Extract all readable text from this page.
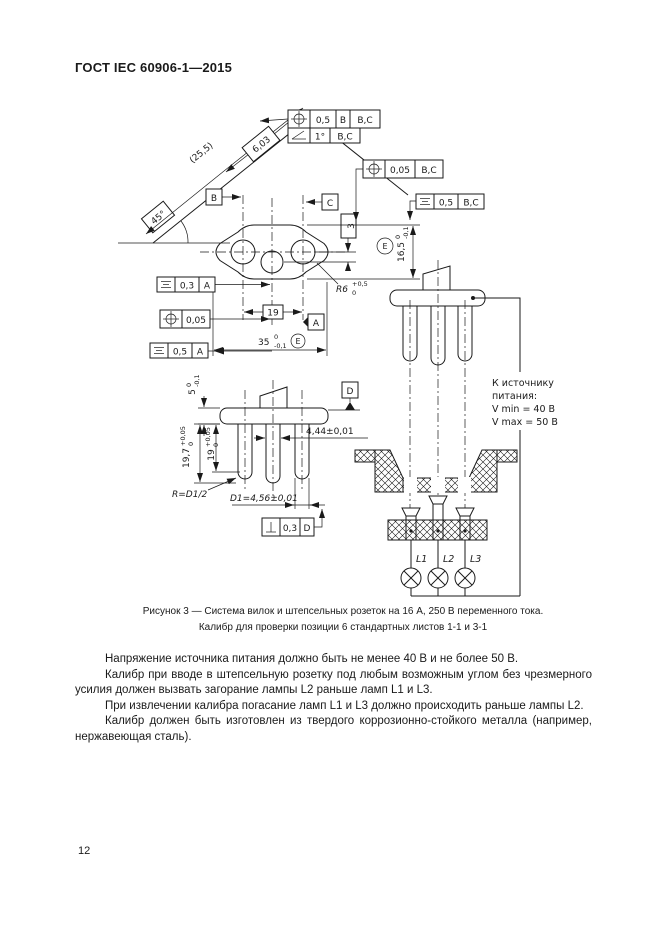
ГОСТ IEC 60906-1—2015
45°
(25,5)	6,03
B	C
3
19
A
35
0
-0,1 E
16,5
0 -0,1
E
R6
+0,5
0
0,5 B B,C
1° B,C
0,05 B,C
0,5 B,C
0,3 A
0,05
0,5 A
D
5
0 -0,1
19,7
+0,05 0
19
+0,05 0
R=D1/2	D1=4,56±0,01
0,3 D
4,44±0,01
К источнику
питания:
V min = 40 В
V max = 50 В
L1 L2 L3
Рисунок 3 — Система вилок и штепсельных розеток на 16 А, 250 В переменного тока.
Калибр для проверки позиции 6 стандартных листов 1-1 и 3-1

Напряжение источника питания должно быть не менее 40 В и не более 50 В.

Калибр при вводе в штепсельную розетку под любым возможным углом без чрезмерного усилия должен вызвать загорание лампы L2 раньше ламп L1 и L3.

При извлечении калибра погасание ламп L1 и L3 должно происходить раньше лампы L2.

Калибр должен быть изготовлен из твердого коррозионно-стойкого металла (например, нержавеющая сталь).

12
